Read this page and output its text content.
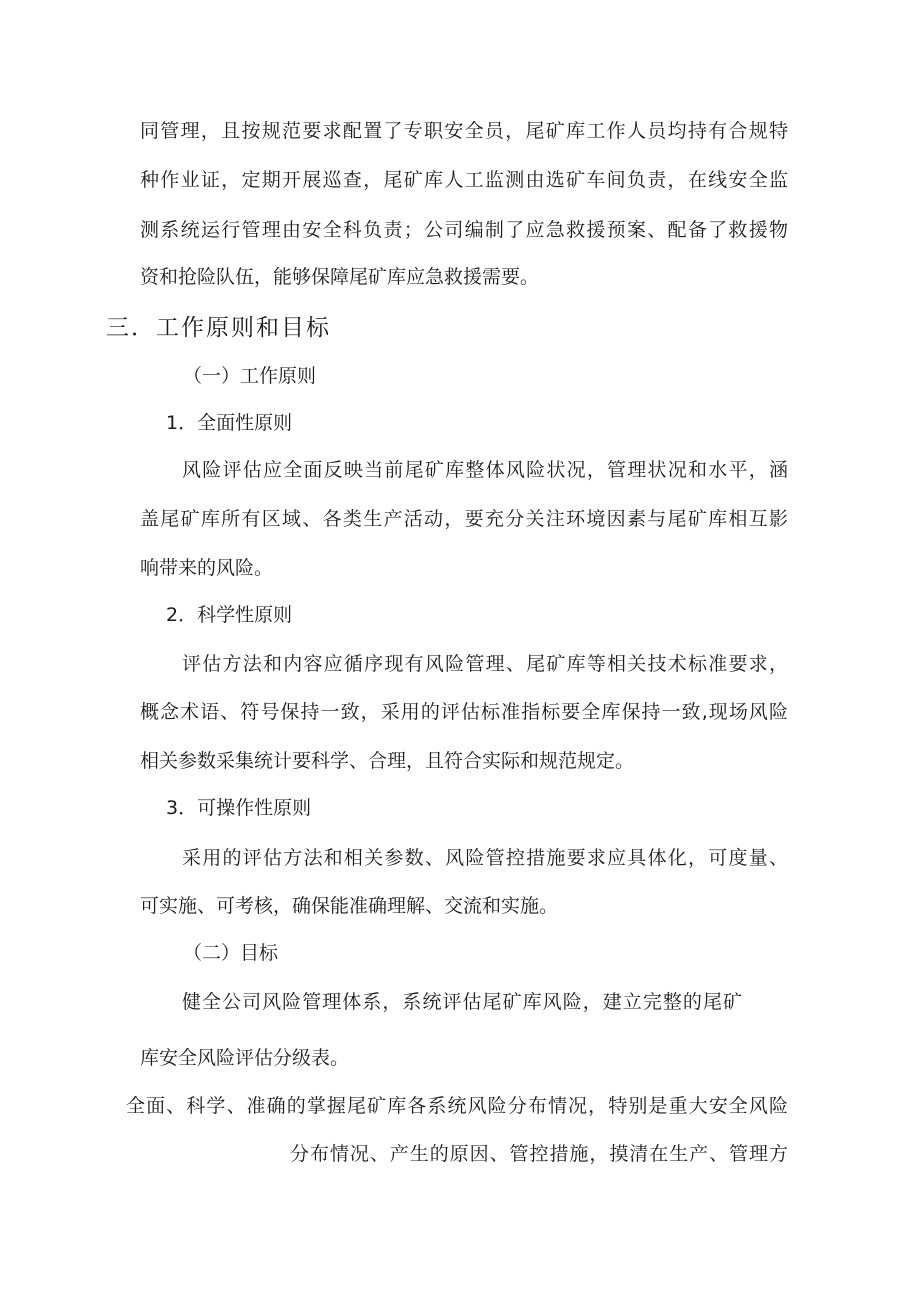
同管理，且按规范要求配置了专职安全员，尾矿库工作人员均持有合规特
种作业证，定期开展巡查，尾矿库人工监测由选矿车间负责，在线安全监
测系统运行管理由安全科负责；公司编制了应急救援预案、配备了救援物
资和抢险队伍，能够保障尾矿库应急救援需要。
三．工作原则和目标
（一）工作原则
1．全面性原则
风险评估应全面反映当前尾矿库整体风险状况，管理状况和水平，涵
盖尾矿库所有区域、各类生产活动，要充分关注环境因素与尾矿库相互影
响带来的风险。
2．科学性原则
评估方法和内容应循序现有风险管理、尾矿库等相关技术标准要求，
概念术语、符号保持一致，采用的评估标准指标要全库保持一致,现场风险
相关参数采集统计要科学、合理，且符合实际和规范规定。
3．可操作性原则
采用的评估方法和相关参数、风险管控措施要求应具体化，可度量、
可实施、可考核，确保能准确理解、交流和实施。
（二）目标
健全公司风险管理体系，系统评估尾矿库风险，建立完整的尾矿
库安全风险评估分级表。
全面、科学、准确的掌握尾矿库各系统风险分布情况，特别是重大安全风险
分布情况、产生的原因、管控措施，摸清在生产、管理方
